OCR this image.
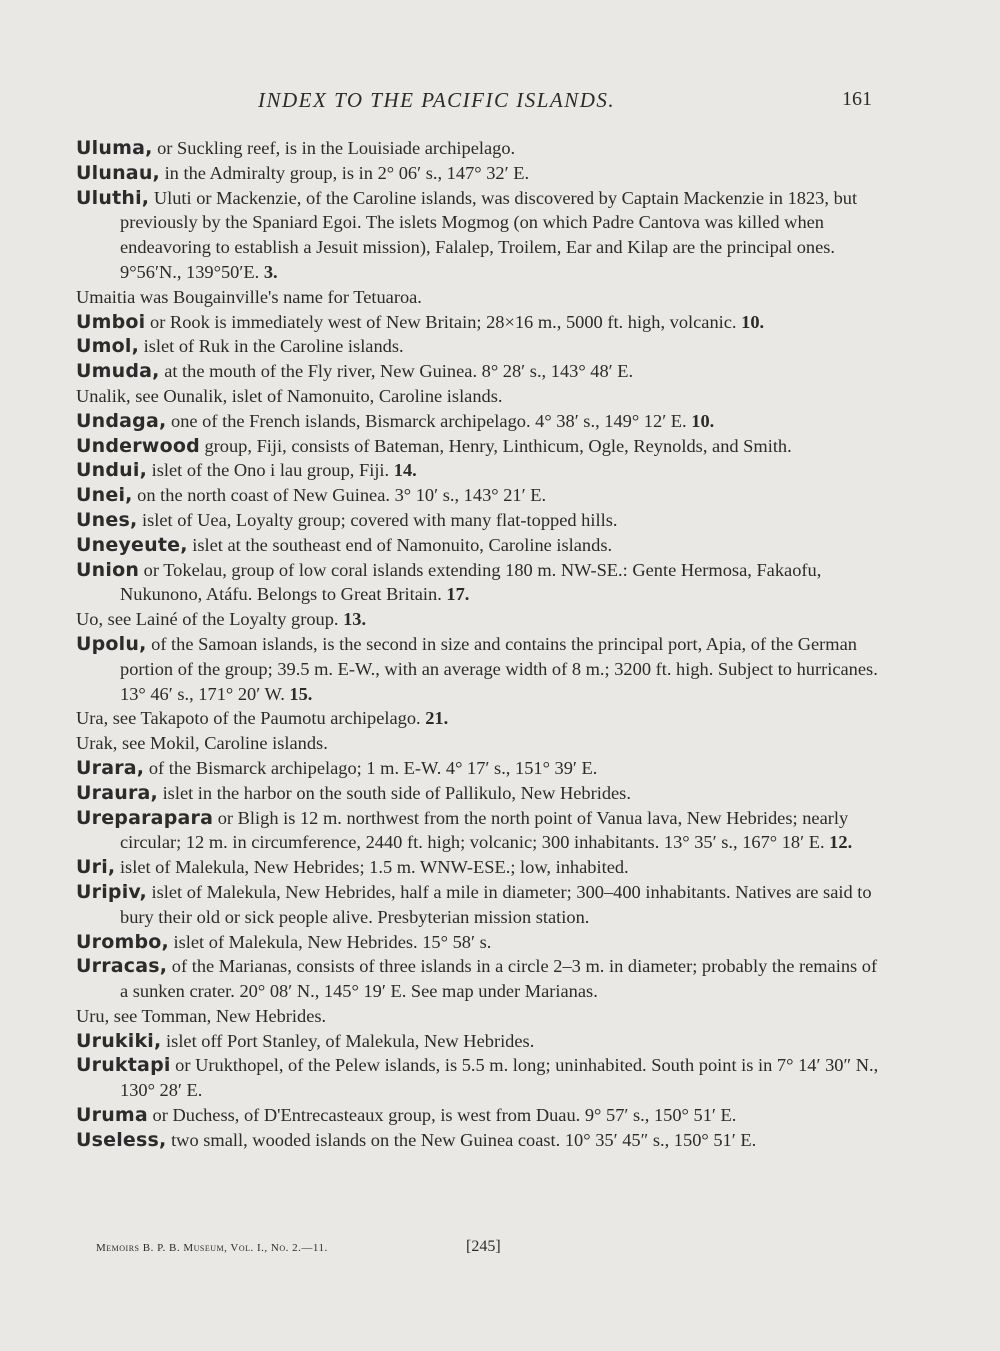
INDEX TO THE PACIFIC ISLANDS.	161

Uluma, or Suckling reef, is in the Louisiade archipelago.

Ulunau, in the Admiralty group, is in 2° 06′ s., 147° 32′ E.

Uluthi, Uluti or Mackenzie, of the Caroline islands, was discovered by Captain Mackenzie in 1823, but previously by the Spaniard Egoi. The islets Mogmog (on which Padre Cantova was killed when endeavoring to establish a Jesuit mission), Falalep, Troilem, Ear and Kilap are the principal ones. 9°56′N., 139°50′E. 3.

Umaitia was Bougainville's name for Tetuaroa.

Umboi or Rook is immediately west of New Britain; 28×16 m., 5000 ft. high, volcanic. 10.

Umol, islet of Ruk in the Caroline islands.

Umuda, at the mouth of the Fly river, New Guinea. 8° 28′ s., 143° 48′ E.

Unalik, see Ounalik, islet of Namonuito, Caroline islands.

Undaga, one of the French islands, Bismarck archipelago. 4° 38′ s., 149° 12′ E. 10.

Underwood group, Fiji, consists of Bateman, Henry, Linthicum, Ogle, Reynolds, and Smith.

Undui, islet of the Ono i lau group, Fiji. 14.

Unei, on the north coast of New Guinea. 3° 10′ s., 143° 21′ E.

Unes, islet of Uea, Loyalty group; covered with many flat-topped hills.

Uneyeute, islet at the southeast end of Namonuito, Caroline islands.

Union or Tokelau, group of low coral islands extending 180 m. NW-SE.: Gente Hermosa, Fakaofu, Nukunono, Atáfu. Belongs to Great Britain. 17.

Uo, see Lainé of the Loyalty group. 13.

Upolu, of the Samoan islands, is the second in size and contains the principal port, Apia, of the German portion of the group; 39.5 m. E-W., with an average width of 8 m.; 3200 ft. high. Subject to hurricanes. 13° 46′ s., 171° 20′ W. 15.

Ura, see Takapoto of the Paumotu archipelago. 21.

Urak, see Mokil, Caroline islands.

Urara, of the Bismarck archipelago; 1 m. E-W. 4° 17′ s., 151° 39′ E.

Uraura, islet in the harbor on the south side of Pallikulo, New Hebrides.

Ureparapara or Bligh is 12 m. northwest from the north point of Vanua lava, New Hebrides; nearly circular; 12 m. in circumference, 2440 ft. high; volcanic; 300 inhabitants. 13° 35′ s., 167° 18′ E. 12.

Uri, islet of Malekula, New Hebrides; 1.5 m. WNW-ESE.; low, inhabited.

Uripiv, islet of Malekula, New Hebrides, half a mile in diameter; 300–400 inhabitants. Natives are said to bury their old or sick people alive. Presbyterian mission station.

Urombo, islet of Malekula, New Hebrides. 15° 58′ s.

Urracas, of the Marianas, consists of three islands in a circle 2–3 m. in diameter; probably the remains of a sunken crater. 20° 08′ N., 145° 19′ E. See map under Marianas.

Uru, see Tomman, New Hebrides.

Urukiki, islet off Port Stanley, of Malekula, New Hebrides.

Uruktapi or Urukthopel, of the Pelew islands, is 5.5 m. long; uninhabited. South point is in 7° 14′ 30″ N., 130° 28′ E.

Uruma or Duchess, of D'Entrecasteaux group, is west from Duau. 9° 57′ s., 150° 51′ E.

Useless, two small, wooded islands on the New Guinea coast. 10° 35′ 45″ s., 150° 51′ E.

Memoirs B. P. B. Museum, Vol. I., No. 2.—11.	[245]
